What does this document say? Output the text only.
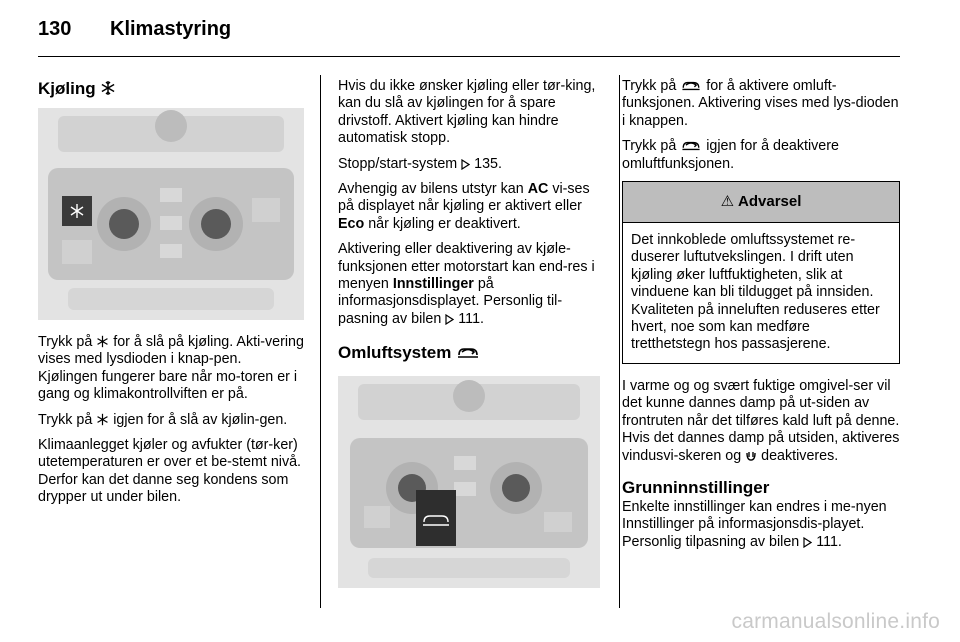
130 Klimastyring
Kjøling

Trykk på  for å slå på kjøling. Akti-vering vises med lysdioden i knap-pen. Kjølingen fungerer bare når mo-toren er i gang og klimakontrollviften er på.

Trykk på  igjen for å slå av kjølin-gen.

Klimaanlegget kjøler og avfukter (tør-ker) utetemperaturen er over et be-stemt nivå. Derfor kan det danne seg kondens som drypper ut under bilen.

Hvis du ikke ønsker kjøling eller tør-king, kan du slå av kjølingen for å spare drivstoff. Aktivert kjøling kan hindre automatisk stopp.

Stopp/start-system  135.

Avhengig av bilens utstyr kan AC vi-ses på displayet når kjøling er aktivert eller Eco når kjøling er deaktivert.

Aktivering eller deaktivering av kjøle-funksjonen etter motorstart kan end-res i menyen Innstillinger på informasjonsdisplayet. Personlig til-pasning av bilen  111.

Omluftsystem

Trykk på  for å aktivere omluft-funksjonen. Aktivering vises med lys-dioden i knappen.

Trykk på  igjen for å deaktivere omluftfunksjonen.

⚠ Advarsel
Det innkoblede omluftssystemet re-duserer luftutvekslingen. I drift uten kjøling øker luftfuktigheten, slik at vinduene kan bli tildugget på innsiden. Kvaliteten på inneluften reduseres etter hvert, noe som kan medføre tretthetstegn hos passasjerene.

I varme og og svært fuktige omgivel-ser vil det kunne dannes damp på ut-siden av frontruten når det tilføres kald luft på denne. Hvis det dannes damp på utsiden, aktiveres vindusvi-skeren og  deaktiveres.

Grunninnstillinger

Enkelte innstillinger kan endres i me-nyen Innstillinger på informasjonsdis-playet. Personlig tilpasning av bilen  111.

carmanualsonline.info
